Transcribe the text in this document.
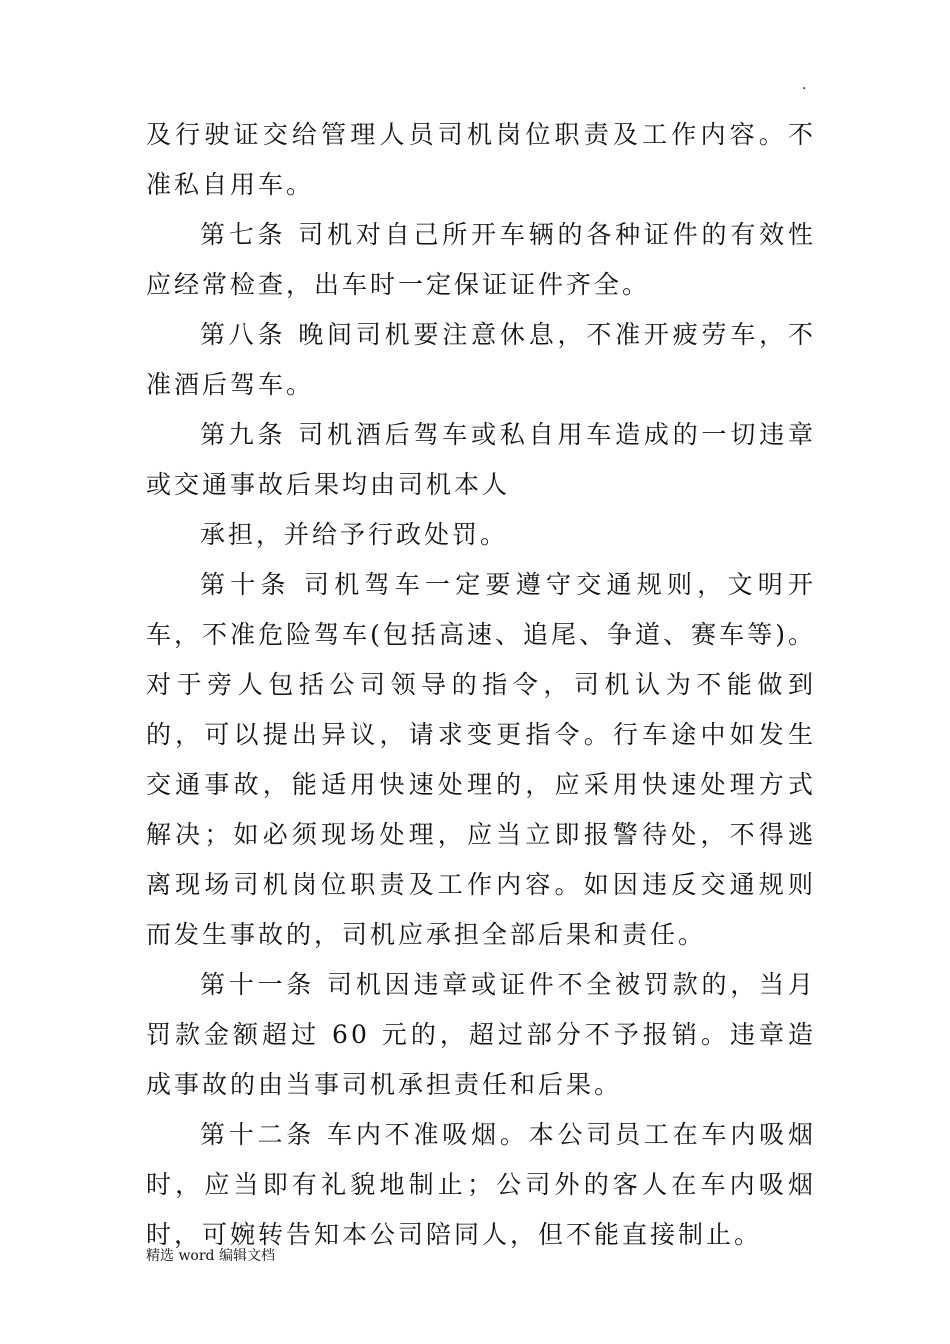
.

及行驶证交给管理人员司机岗位职责及工作内容。不准私自用车。

第七条 司机对自己所开车辆的各种证件的有效性应经常检查，出车时一定保证证件齐全。

第八条 晚间司机要注意休息，不准开疲劳车，不准酒后驾车。

第九条 司机酒后驾车或私自用车造成的一切违章或交通事故后果均由司机本人

承担，并给予行政处罚。

第十条 司机驾车一定要遵守交通规则，文明开车，不准危险驾车(包括高速、追尾、争道、赛车等)。对于旁人包括公司领导的指令，司机认为不能做到的，可以提出异议，请求变更指令。行车途中如发生交通事故，能适用快速处理的，应采用快速处理方式解决；如必须现场处理，应当立即报警待处，不得逃离现场司机岗位职责及工作内容。如因违反交通规则而发生事故的，司机应承担全部后果和责任。

第十一条 司机因违章或证件不全被罚款的，当月罚款金额超过 60 元的，超过部分不予报销。违章造成事故的由当事司机承担责任和后果。

第十二条 车内不准吸烟。本公司员工在车内吸烟时，应当即有礼貌地制止；公司外的客人在车内吸烟时，可婉转告知本公司陪同人，但不能直接制止。

精选 word 编辑文档
